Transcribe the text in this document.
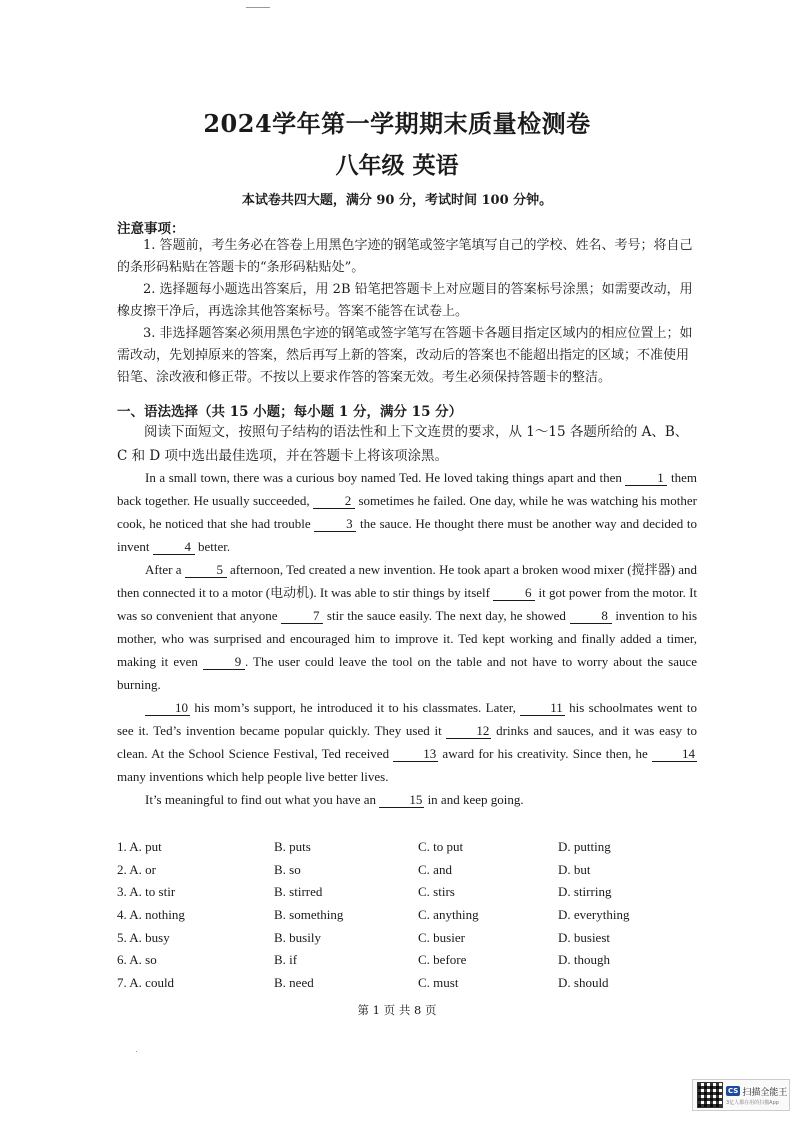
2024学年第一学期期末质量检测卷
八年级 英语
本试卷共四大题，满分 90 分，考试时间 100 分钟。
注意事项：

1. 答题前，考生务必在答卷上用黑色字迹的钢笔或签字笔填写自己的学校、姓名、考号；将自己的条形码粘贴在答题卡的“条形码粘贴处”。

2. 选择题每小题选出答案后，用 2B 铅笔把答题卡上对应题目的答案标号涂黑；如需要改动，用橡皮擦干净后，再选涂其他答案标号。答案不能答在试卷上。

3. 非选择题答案必须用黑色字迹的钢笔或签字笔写在答题卡各题目指定区域内的相应位置上；如需改动，先划掉原来的答案，然后再写上新的答案，改动后的答案也不能超出指定的区域；不准使用铅笔、涂改液和修正带。不按以上要求作答的答案无效。考生必须保持答题卡的整洁。

一、语法选择（共 15 小题；每小题 1 分，满分 15 分）

阅读下面短文，按照句子结构的语法性和上下文连贯的要求，从 1～15 各题所给的 A、B、C 和 D 项中选出最佳选项，并在答题卡上将该项涂黑。

In a small town, there was a curious boy named Ted. He loved taking things apart and then	1 them back together. He usually succeeded,	2 sometimes he failed. One day, while he was watching his mother cook, he noticed that she had trouble	3 the sauce. He thought there must be another way and decided to invent	4 better.

After a	5 afternoon, Ted created a new invention. He took apart a broken wood mixer (搅拌器) and then connected it to a motor (电动机). It was able to stir things by itself	6 it got power from the motor. It was so convenient that anyone	7 stir the sauce easily. The next day, he showed	8 invention to his mother, who was surprised and encouraged him to improve it. Ted kept working and finally added a timer, making it even	9 . The user could leave the tool on the table and not have to worry about the sauce burning.

10 his mom’s support, he introduced it to his classmates. Later,	11 his schoolmates went to see it. Ted’s invention became popular quickly. They used it	12 drinks and sauces, and it was easy to clean. At the School Science Festival, Ted received	13 award for his creativity. Since then, he	14 many inventions which help people live better lives.

It’s meaningful to find out what you have an	15 in and keep going.

1. A. put	B. puts	C. to put	D. putting
2. A. or	B. so	C. and	D. but
3. A. to stir	B. stirred	C. stirs	D. stirring
4. A. nothing	B. something	C. anything	D. everything
5. A. busy	B. busily	C. busier	D. busiest
6. A. so	B. if	C. before	D. though
7. A. could	B. need	C. must	D. should
第 1 页 共 8 页
CS 扫描全能王
3亿人都在用的扫描App
